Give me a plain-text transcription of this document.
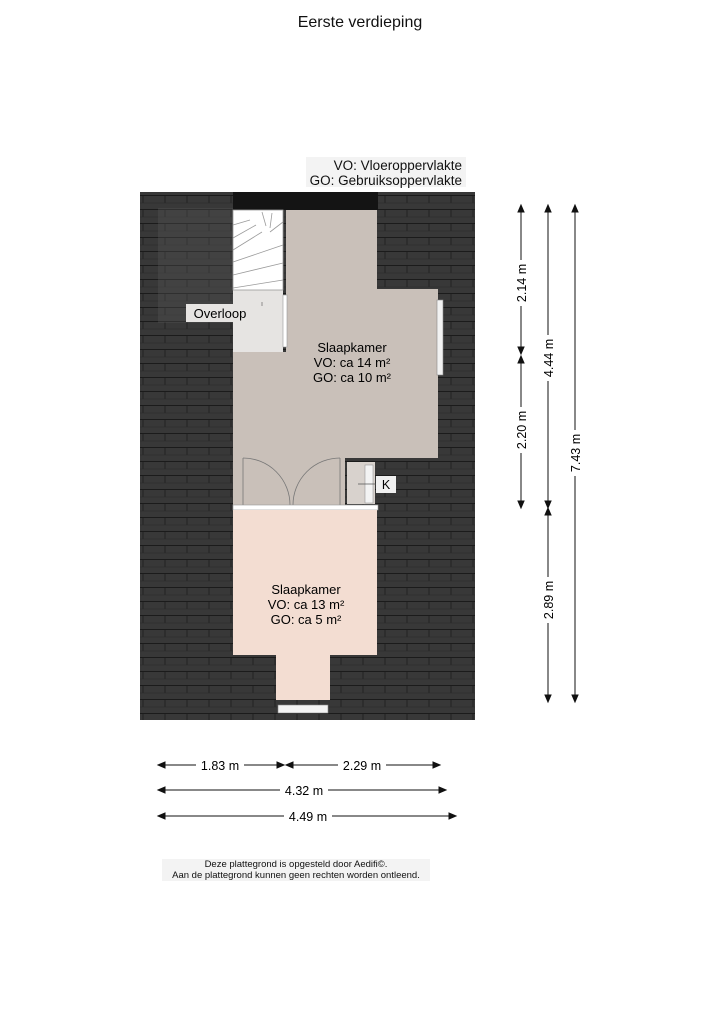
Eerste verdieping
VO: Vloeroppervlakte
GO: Gebruiksoppervlakte
2.14 m
2.20 m
4.44 m
2.89 m
7.43 m
1.83 m	2.29 m
4.32 m
4.49 m
Overloop
Slaapkamer
VO: ca 14 m²
GO: ca 10 m²
K
Slaapkamer
VO: ca 13 m²
GO: ca 5 m²
Deze plattegrond is opgesteld door Aedifi©.
Aan de plattegrond kunnen geen rechten worden ontleend.
